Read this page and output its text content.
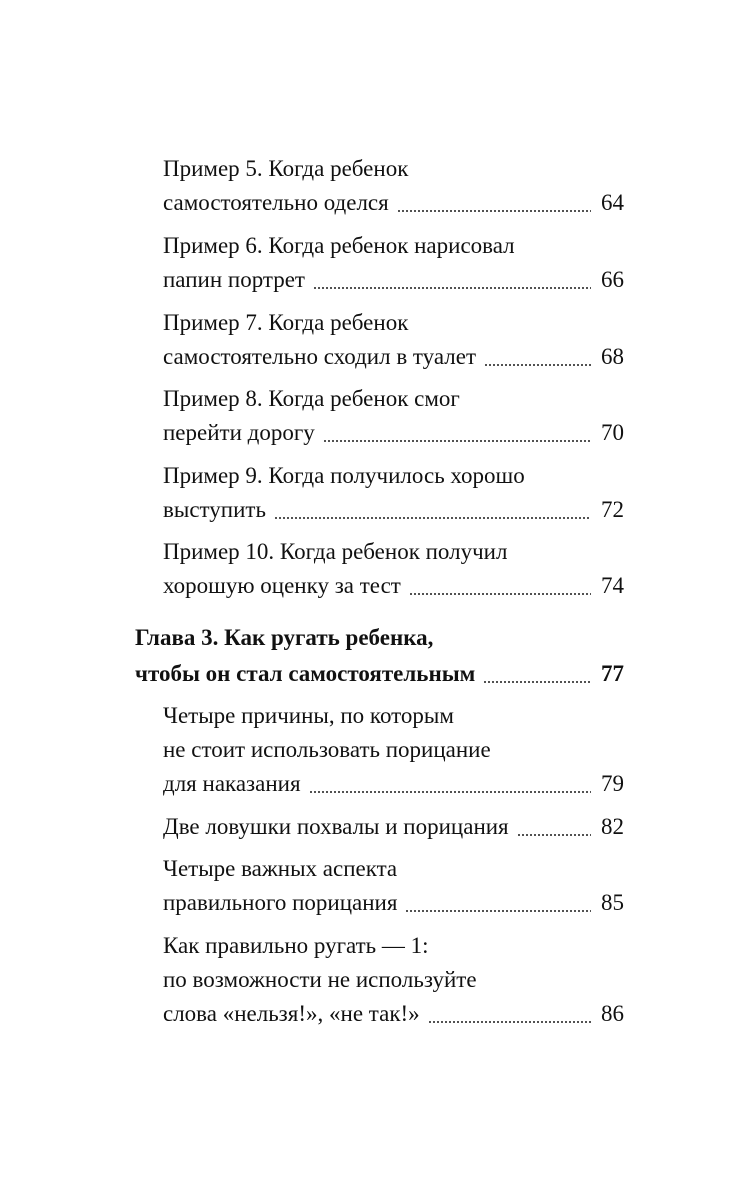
Пример 5. Когда ребенок
самостоятельно оделся	64
Пример 6. Когда ребенок нарисовал
папин портрет	66
Пример 7. Когда ребенок
самостоятельно сходил в туалет	68
Пример 8. Когда ребенок смог
перейти дорогу	70
Пример 9. Когда получилось хорошо
выступить	72
Пример 10. Когда ребенок получил
хорошую оценку за тест	74
Глава 3. Как ругать ребенка,
чтобы он стал самостоятельным	77
Четыре причины, по которым
не стоит использовать порицание
для наказания	79
Две ловушки похвалы и порицания	82
Четыре важных аспекта
правильного порицания	85
Как правильно ругать — 1:
по возможности не используйте
слова «нельзя!», «не так!»	86
